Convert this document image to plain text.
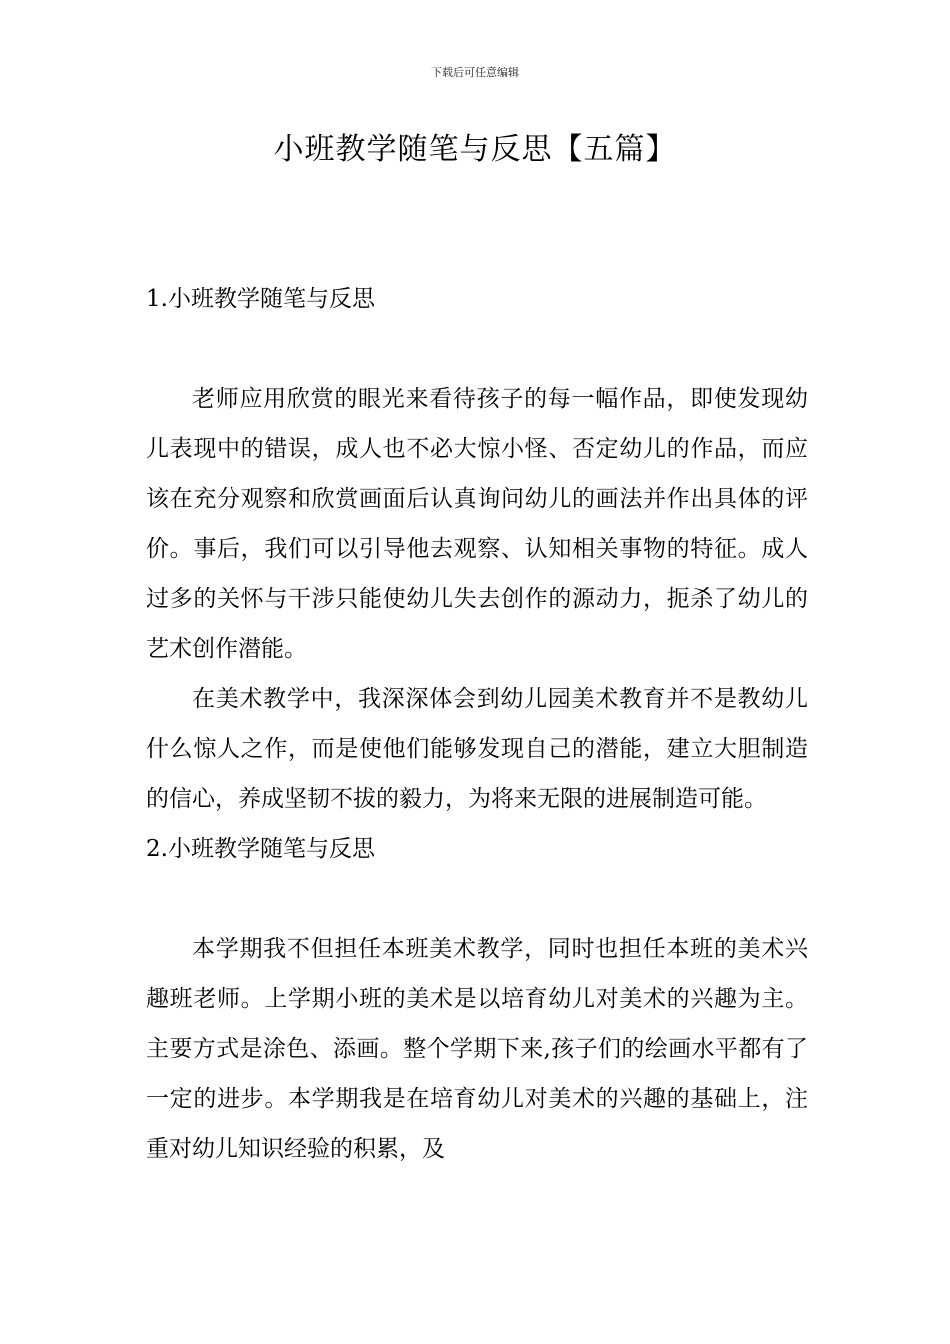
下载后可任意编辑
小班教学随笔与反思【五篇】
1.小班教学随笔与反思

老师应用欣赏的眼光来看待孩子的每一幅作品，即使发现幼儿表现中的错误，成人也不必大惊小怪、否定幼儿的作品，而应该在充分观察和欣赏画面后认真询问幼儿的画法并作出具体的评价。事后，我们可以引导他去观察、认知相关事物的特征。成人过多的关怀与干涉只能使幼儿失去创作的源动力，扼杀了幼儿的艺术创作潜能。

在美术教学中，我深深体会到幼儿园美术教育并不是教幼儿什么惊人之作，而是使他们能够发现自己的潜能，建立大胆制造的信心，养成坚韧不拔的毅力，为将来无限的进展制造可能。

2.小班教学随笔与反思

本学期我不但担任本班美术教学，同时也担任本班的美术兴趣班老师。上学期小班的美术是以培育幼儿对美术的兴趣为主。主要方式是涂色、添画。整个学期下来,孩子们的绘画水平都有了一定的进步。本学期我是在培育幼儿对美术的兴趣的基础上，注重对幼儿知识经验的积累，及
